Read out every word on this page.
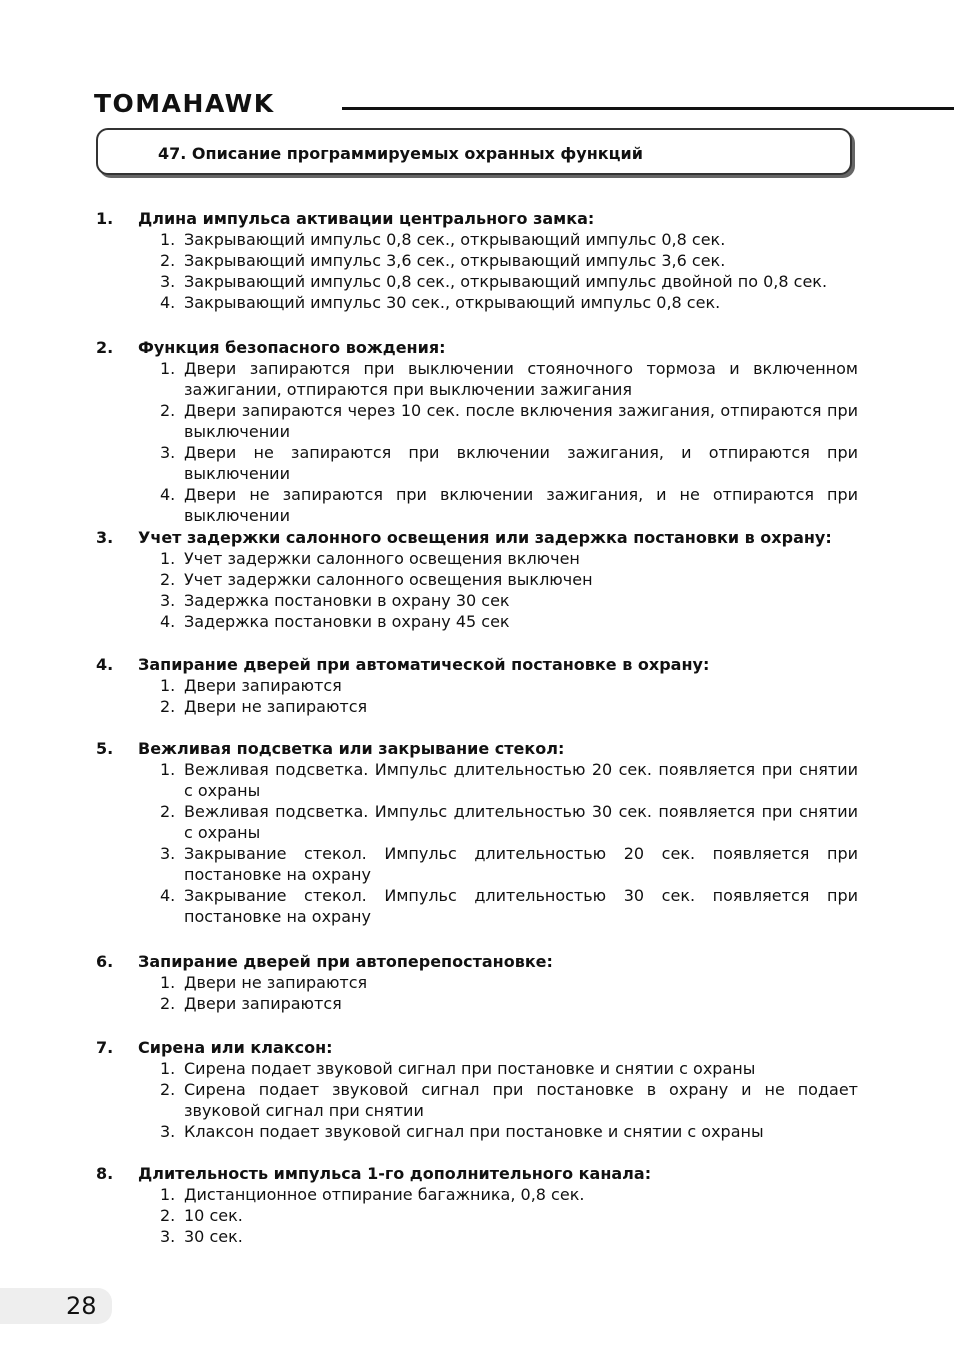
TOMAHAWK
47. Описание программируемых охранных функций
1. Длина импульса активации центрального замка:
1. Закрывающий импульс 0,8 сек., открывающий импульс 0,8 сек.
2. Закрывающий импульс 3,6 сек., открывающий импульс 3,6 сек.
3. Закрывающий импульс 0,8 сек., открывающий импульс двойной по 0,8 сек.
4. Закрывающий импульс 30 сек., открывающий импульс 0,8 сек.
2. Функция безопасного вождения:
1. Двери запираются при выключении стояночного тормоза и включенном зажигании, отпираются при выключении зажигания
2. Двери запираются через 10 сек. после включения зажигания, отпираются при выключении
3. Двери не запираются при включении зажигания, и отпираются при выключении
4. Двери не запираются при включении зажигания, и не отпираются при выключении
3. Учет задержки салонного освещения или задержка постановки в охрану:
1. Учет задержки салонного освещения включен
2. Учет задержки салонного освещения выключен
3. Задержка постановки в охрану 30 сек
4. Задержка постановки в охрану 45 сек
4. Запирание дверей при автоматической постановке в охрану:
1. Двери запираются
2. Двери не запираются
5. Вежливая подсветка или закрывание стекол:
1. Вежливая подсветка. Импульс длительностью 20 сек. появляется при снятии с охраны
2. Вежливая подсветка. Импульс длительностью 30 сек. появляется при снятии с охраны
3. Закрывание стекол. Импульс длительностью 20 сек. появляется при постановке на охрану
4. Закрывание стекол. Импульс длительностью 30 сек. появляется при постановке на охрану
6. Запирание дверей при автоперепостановке:
1. Двери не запираются
2. Двери запираются
7. Сирена или клаксон:
1. Сирена подает звуковой сигнал при постановке и снятии с охраны
2. Сирена подает звуковой сигнал при постановке в охрану и не подает звуковой сигнал при снятии
3. Клаксон подает звуковой сигнал при постановке и снятии с охраны
8. Длительность импульса 1-го дополнительного канала:
1. Дистанционное отпирание багажника, 0,8 сек.
2. 10 сек.
3. 30 сек.
28
